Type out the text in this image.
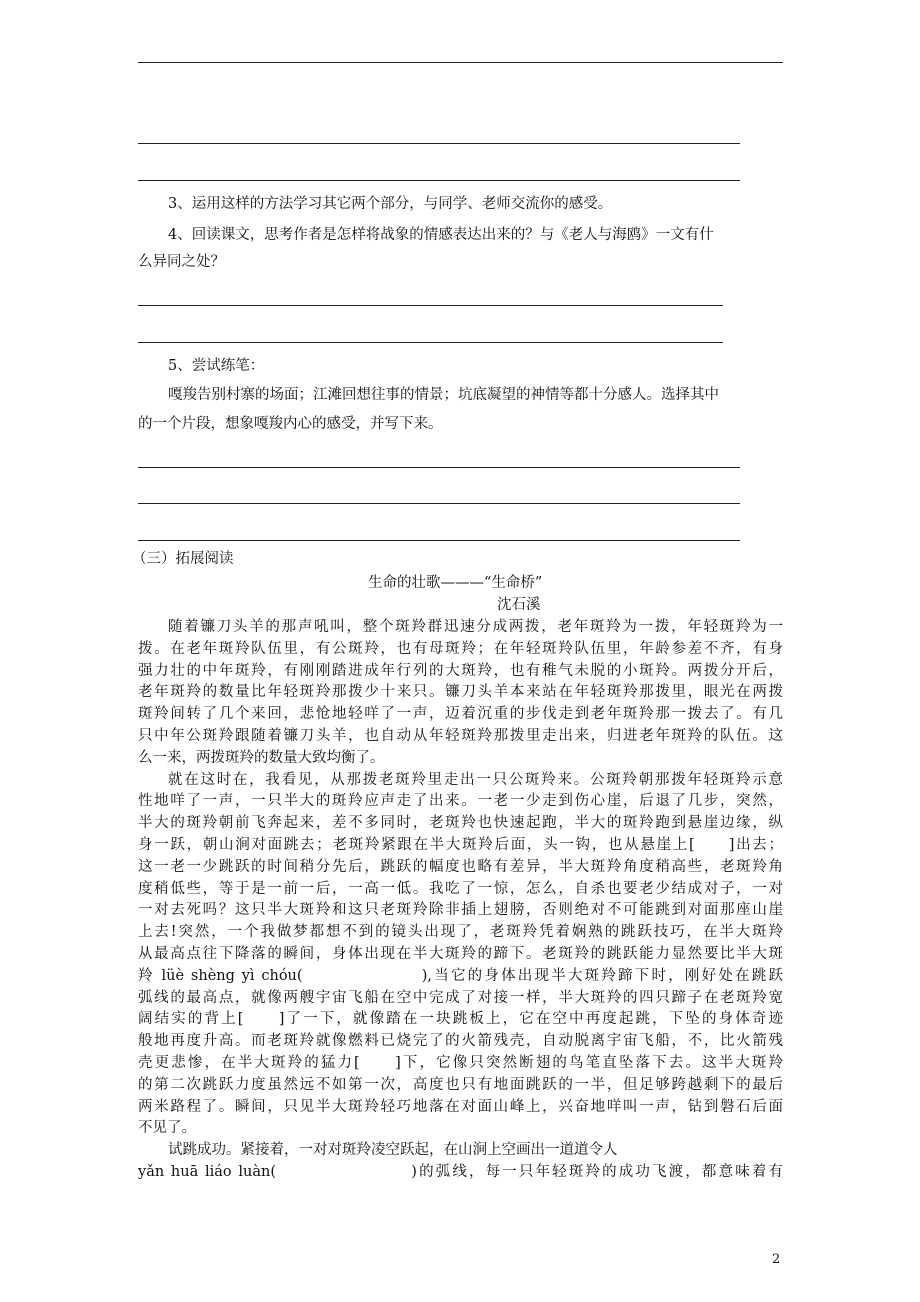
3、运用这样的方法学习其它两个部分，与同学、老师交流你的感受。
4、回读课文，思考作者是怎样将战象的情感表达出来的？与《老人与海鸥》一文有什
么异同之处？
5、尝试练笔：
嘎羧告别村寨的场面；江滩回想往事的情景；坑底凝望的神情等都十分感人。选择其中
的一个片段，想象嘎羧内心的感受，并写下来。
（三）拓展阅读
生命的壮歌———“生命桥”
沈石溪
随着镰刀头羊的那声吼叫，整个斑羚群迅速分成两拨，老年斑羚为一拨，年轻斑羚为一
拨。在老年斑羚队伍里，有公斑羚，也有母斑羚；在年轻斑羚队伍里，年龄参差不齐，有身
强力壮的中年斑羚，有刚刚踏进成年行列的大斑羚，也有稚气未脱的小斑羚。两拨分开后，
老年斑羚的数量比年轻斑羚那拨少十来只。镰刀头羊本来站在年轻斑羚那拨里，眼光在两拨
斑羚间转了几个来回，悲怆地轻咩了一声，迈着沉重的步伐走到老年斑羚那一拨去了。有几
只中年公斑羚跟随着镰刀头羊，也自动从年轻斑羚那拨里走出来，归进老年斑羚的队伍。这
么一来，两拨斑羚的数量大致均衡了。
就在这时在，我看见，从那拨老斑羚里走出一只公斑羚来。公斑羚朝那拨年轻斑羚示意
性地咩了一声，一只半大的斑羚应声走了出来。一老一少走到伤心崖，后退了几步，突然，
半大的斑羚朝前飞奔起来，差不多同时，老斑羚也快速起跑，半大的斑羚跑到悬崖边缘，纵
身一跃，朝山涧对面跳去；老斑羚紧跟在半大斑羚后面，头一钩，也从悬崖上[　　]出去；
这一老一少跳跃的时间稍分先后，跳跃的幅度也略有差异，半大斑羚角度稍高些，老斑羚角
度稍低些，等于是一前一后，一高一低。我吃了一惊，怎么，自杀也要老少结成对子，一对
一对去死吗？这只半大斑羚和这只老斑羚除非插上翅膀，否则绝对不可能跳到对面那座山崖
上去!突然，一个我做梦都想不到的镜头出现了，老斑羚凭着娴熟的跳跃技巧，在半大斑羚
从最高点往下降落的瞬间，身体出现在半大斑羚的蹄下。老斑羚的跳跃能力显然要比半大斑
羚 lüè shèng yì chóu(　　　　　　　),当它的身体出现半大斑羚蹄下时，刚好处在跳跃
弧线的最高点，就像两艘宇宙飞船在空中完成了对接一样，半大斑羚的四只蹄子在老斑羚宽
阔结实的背上[　　]了一下，就像踏在一块跳板上，它在空中再度起跳，下坠的身体奇迹
般地再度升高。而老斑羚就像燃料已烧完了的火箭残壳，自动脱离宇宙飞船，不，比火箭残
壳更悲惨，在半大斑羚的猛力[　　]下，它像只突然断翅的鸟笔直坠落下去。这半大斑羚
的第二次跳跃力度虽然远不如第一次，高度也只有地面跳跃的一半，但足够跨越剩下的最后
两米路程了。瞬间，只见半大斑羚轻巧地落在对面山峰上，兴奋地咩叫一声，钻到磐石后面
不见了。
试跳成功。紧接着，一对对斑羚凌空跃起，在山涧上空画出一道道令人
yǎn huā liáo luàn(　　　　　　　　)的弧线，每一只年轻斑羚的成功飞渡，都意味着有
2
